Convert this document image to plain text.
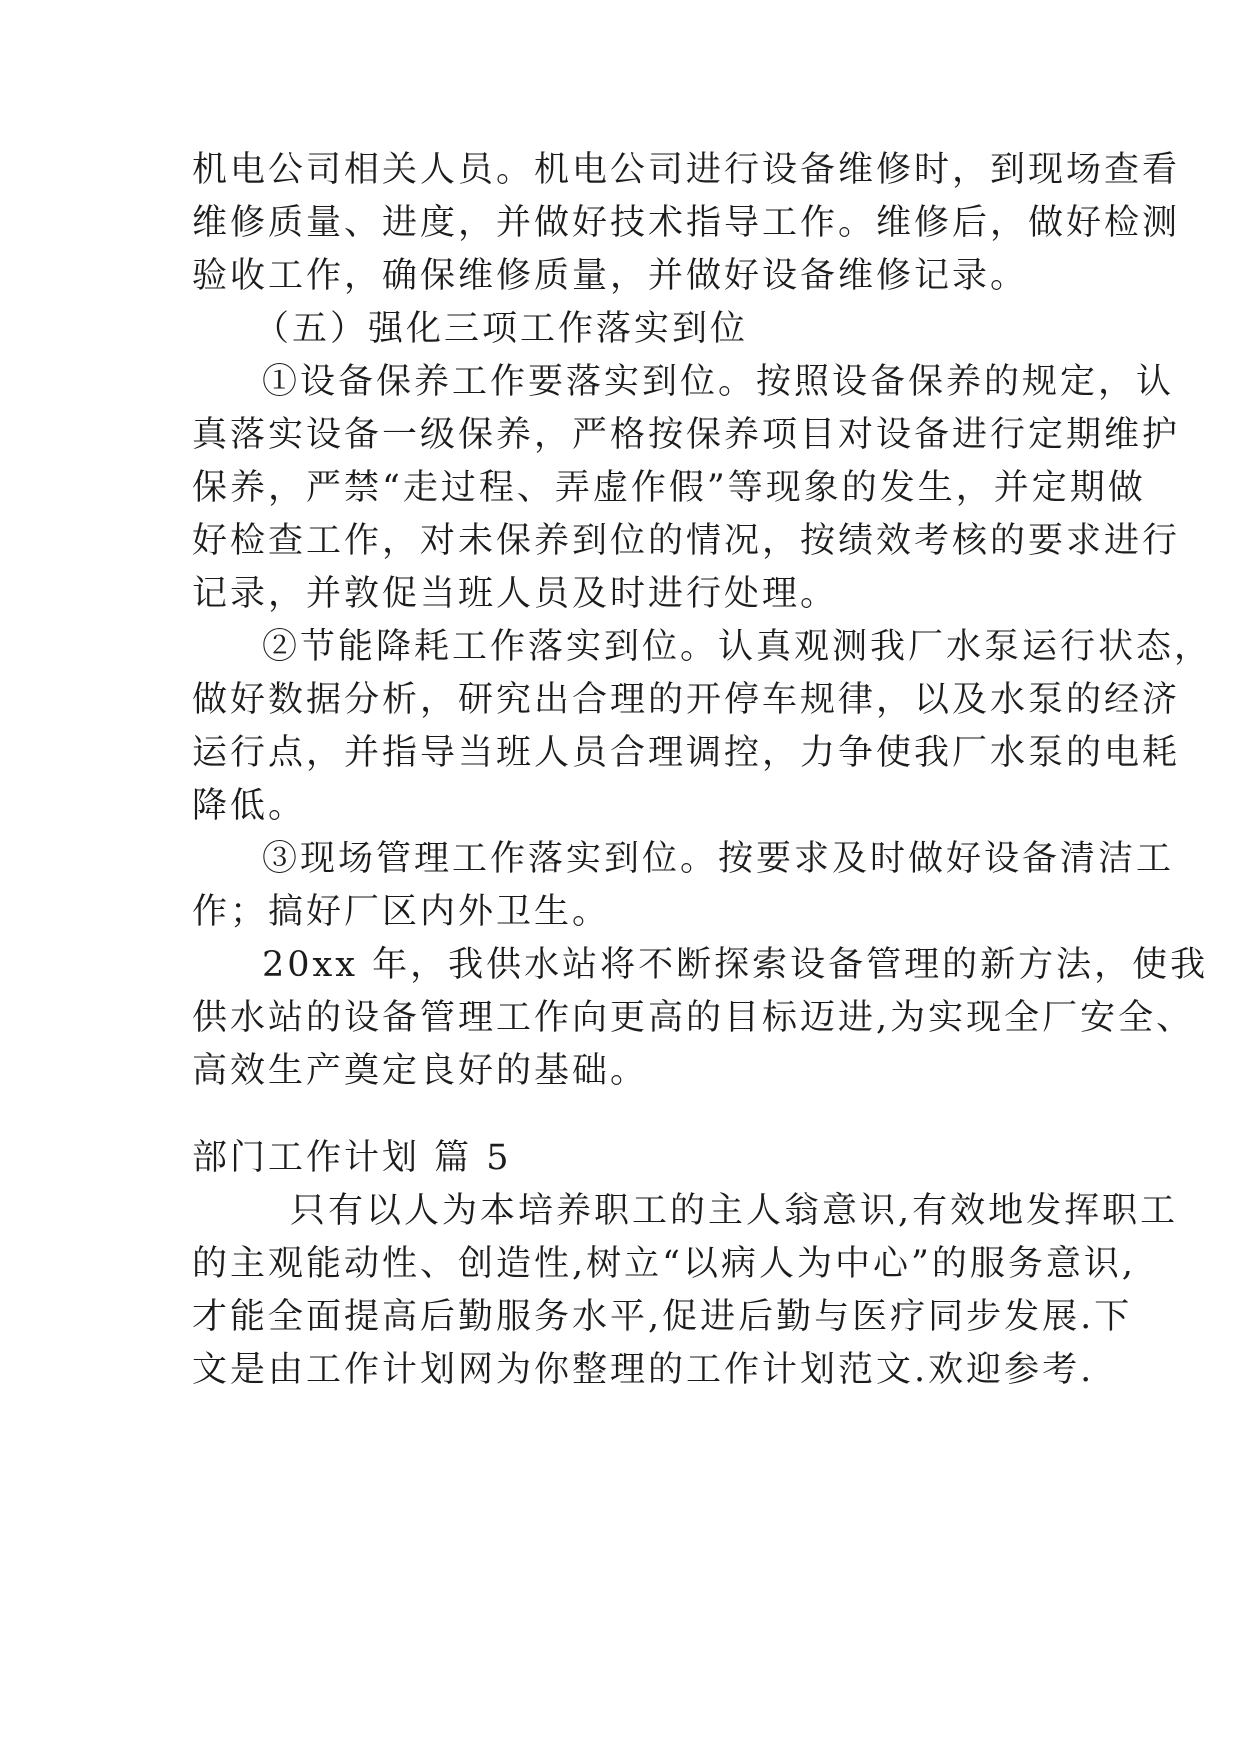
机电公司相关人员。机电公司进行设备维修时，到现场查看
维修质量、进度，并做好技术指导工作。维修后，做好检测
验收工作，确保维修质量，并做好设备维修记录。
（五）强化三项工作落实到位
①设备保养工作要落实到位。按照设备保养的规定，认
真落实设备一级保养，严格按保养项目对设备进行定期维护
保养，严禁“走过程、弄虚作假”等现象的发生，并定期做
好检查工作，对未保养到位的情况，按绩效考核的要求进行
记录，并敦促当班人员及时进行处理。
②节能降耗工作落实到位。认真观测我厂水泵运行状态，
做好数据分析，研究出合理的开停车规律，以及水泵的经济
运行点，并指导当班人员合理调控，力争使我厂水泵的电耗
降低。
③现场管理工作落实到位。按要求及时做好设备清洁工
作；搞好厂区内外卫生。
20xx 年，我供水站将不断探索设备管理的新方法，使我
供水站的设备管理工作向更高的目标迈进,为实现全厂安全、
高效生产奠定良好的基础。
部门工作计划 篇 5
只有以人为本培养职工的主人翁意识,有效地发挥职工
的主观能动性、创造性,树立“以病人为中心”的服务意识,
才能全面提高后勤服务水平,促进后勤与医疗同步发展.下
文是由工作计划网为你整理的工作计划范文.欢迎参考.
